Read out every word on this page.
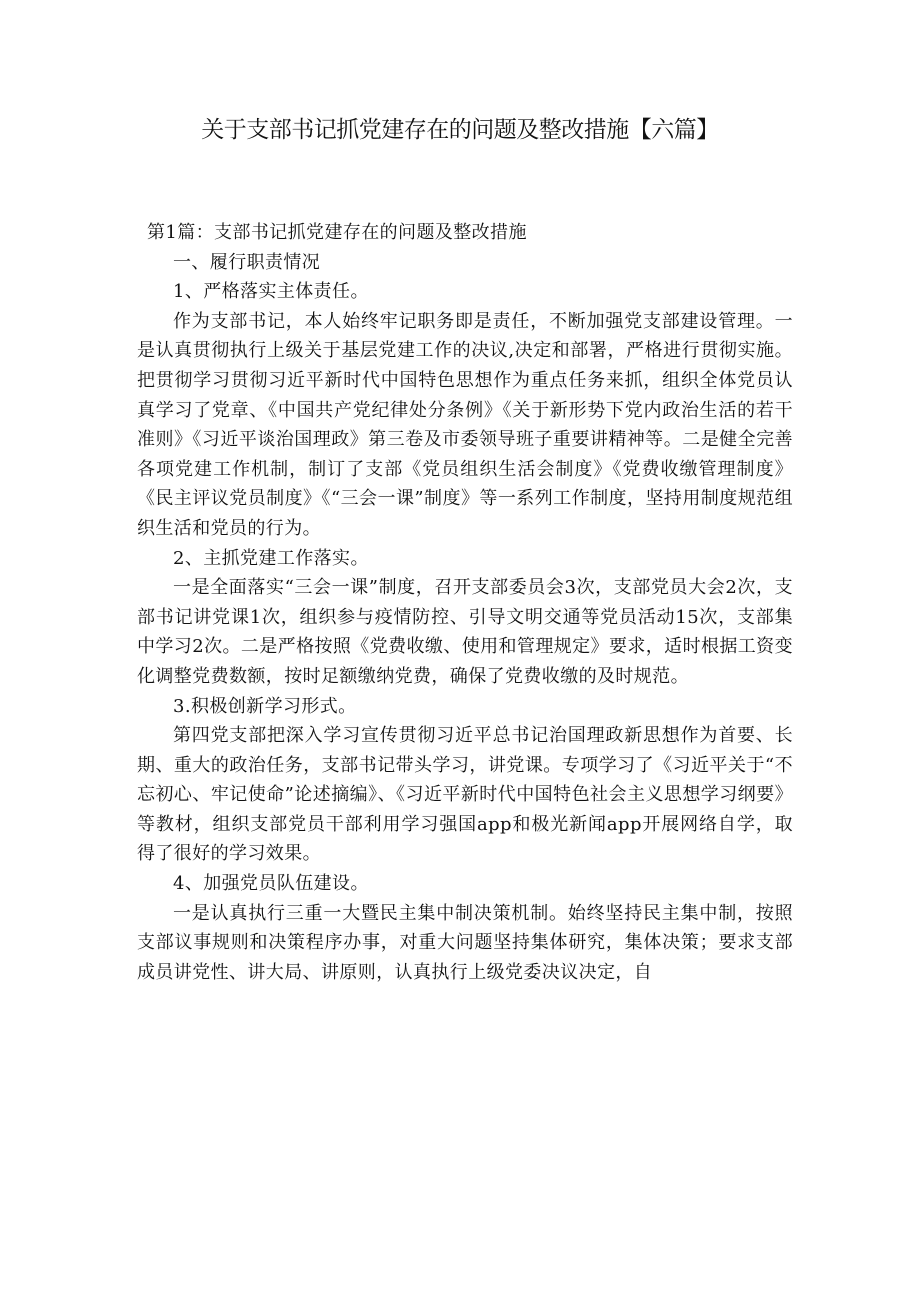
关于支部书记抓党建存在的问题及整改措施【六篇】

第1篇：支部书记抓党建存在的问题及整改措施

一、履行职责情况

1、严格落实主体责任。

作为支部书记，本人始终牢记职务即是责任，不断加强党支部建设管理。一是认真贯彻执行上级关于基层党建工作的决议,决定和部署，严格进行贯彻实施。把贯彻学习贯彻习近平新时代中国特色思想作为重点任务来抓，组织全体党员认真学习了党章、《中国共产党纪律处分条例》《关于新形势下党内政治生活的若干准则》《习近平谈治国理政》第三卷及市委领导班子重要讲精神等。二是健全完善各项党建工作机制，制订了支部《党员组织生活会制度》《党费收缴管理制度》《民主评议党员制度》《“三会一课”制度》等一系列工作制度，坚持用制度规范组织生活和党员的行为。

2、主抓党建工作落实。

一是全面落实“三会一课”制度，召开支部委员会3次，支部党员大会2次，支部书记讲党课1次，组织参与疫情防控、引导文明交通等党员活动15次，支部集中学习2次。二是严格按照《党费收缴、使用和管理规定》要求，适时根据工资变化调整党费数额，按时足额缴纳党费，确保了党费收缴的及时规范。

3.积极创新学习形式。

第四党支部把深入学习宣传贯彻习近平总书记治国理政新思想作为首要、长期、重大的政治任务，支部书记带头学习，讲党课。专项学习了《习近平关于“不忘初心、牢记使命”论述摘编》、《习近平新时代中国特色社会主义思想学习纲要》等教材，组织支部党员干部利用学习强国app和极光新闻app开展网络自学，取得了很好的学习效果。

4、加强党员队伍建设。

一是认真执行三重一大暨民主集中制决策机制。始终坚持民主集中制，按照支部议事规则和决策程序办事，对重大问题坚持集体研究，集体决策；要求支部成员讲党性、讲大局、讲原则，认真执行上级党委决议决定，自
